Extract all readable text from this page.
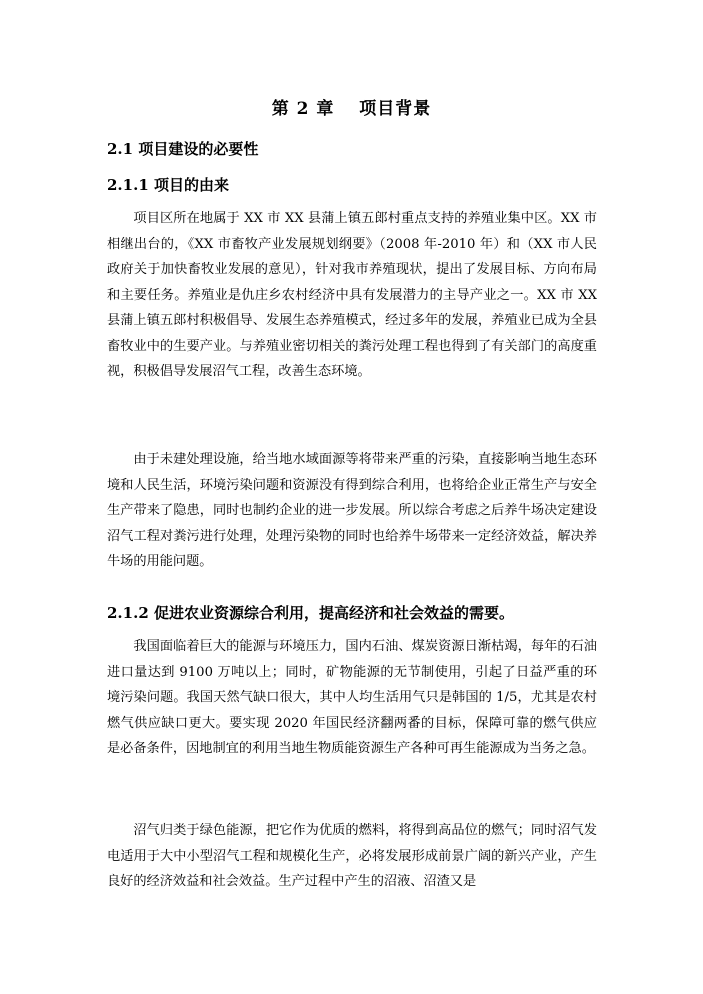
第 2 章　 项目背景
2.1 项目建设的必要性
2.1.1 项目的由来

项目区所在地属于 XX 市 XX 县蒲上镇五郎村重点支持的养殖业集中区。XX 市相继出台的，《XX 市畜牧产业发展规划纲要》（2008 年-2010 年）和（XX 市人民政府关于加快畜牧业发展的意见），针对我市养殖现状，提出了发展目标、方向布局和主要任务。养殖业是仇庄乡农村经济中具有发展潜力的主导产业之一。XX 市 XX 县蒲上镇五郎村积极倡导、发展生态养殖模式，经过多年的发展，养殖业已成为全县畜牧业中的生要产业。与养殖业密切相关的粪污处理工程也得到了有关部门的高度重视，积极倡导发展沼气工程，改善生态环境。

由于未建处理设施，给当地水域面源等将带来严重的污染，直接影响当地生态环境和人民生活，环境污染问题和资源没有得到综合利用，也将给企业正常生产与安全生产带来了隐患，同时也制约企业的进一步发展。所以综合考虑之后养牛场决定建设沼气工程对粪污进行处理，处理污染物的同时也给养牛场带来一定经济效益，解决养牛场的用能问题。

2.1.2 促进农业资源综合利用，提高经济和社会效益的需要。

我国面临着巨大的能源与环境压力，国内石油、煤炭资源日渐枯竭，每年的石油进口量达到 9100 万吨以上；同时，矿物能源的无节制使用，引起了日益严重的环境污染问题。我国天然气缺口很大，其中人均生活用气只是韩国的 1/5，尤其是农村燃气供应缺口更大。要实现 2020 年国民经济翻两番的目标，保障可靠的燃气供应是必备条件，因地制宜的利用当地生物质能资源生产各种可再生能源成为当务之急。

沼气归类于绿色能源，把它作为优质的燃料，将得到高品位的燃气；同时沼气发电适用于大中小型沼气工程和规模化生产，必将发展形成前景广阔的新兴产业，产生良好的经济效益和社会效益。生产过程中产生的沼液、沼渣又是
